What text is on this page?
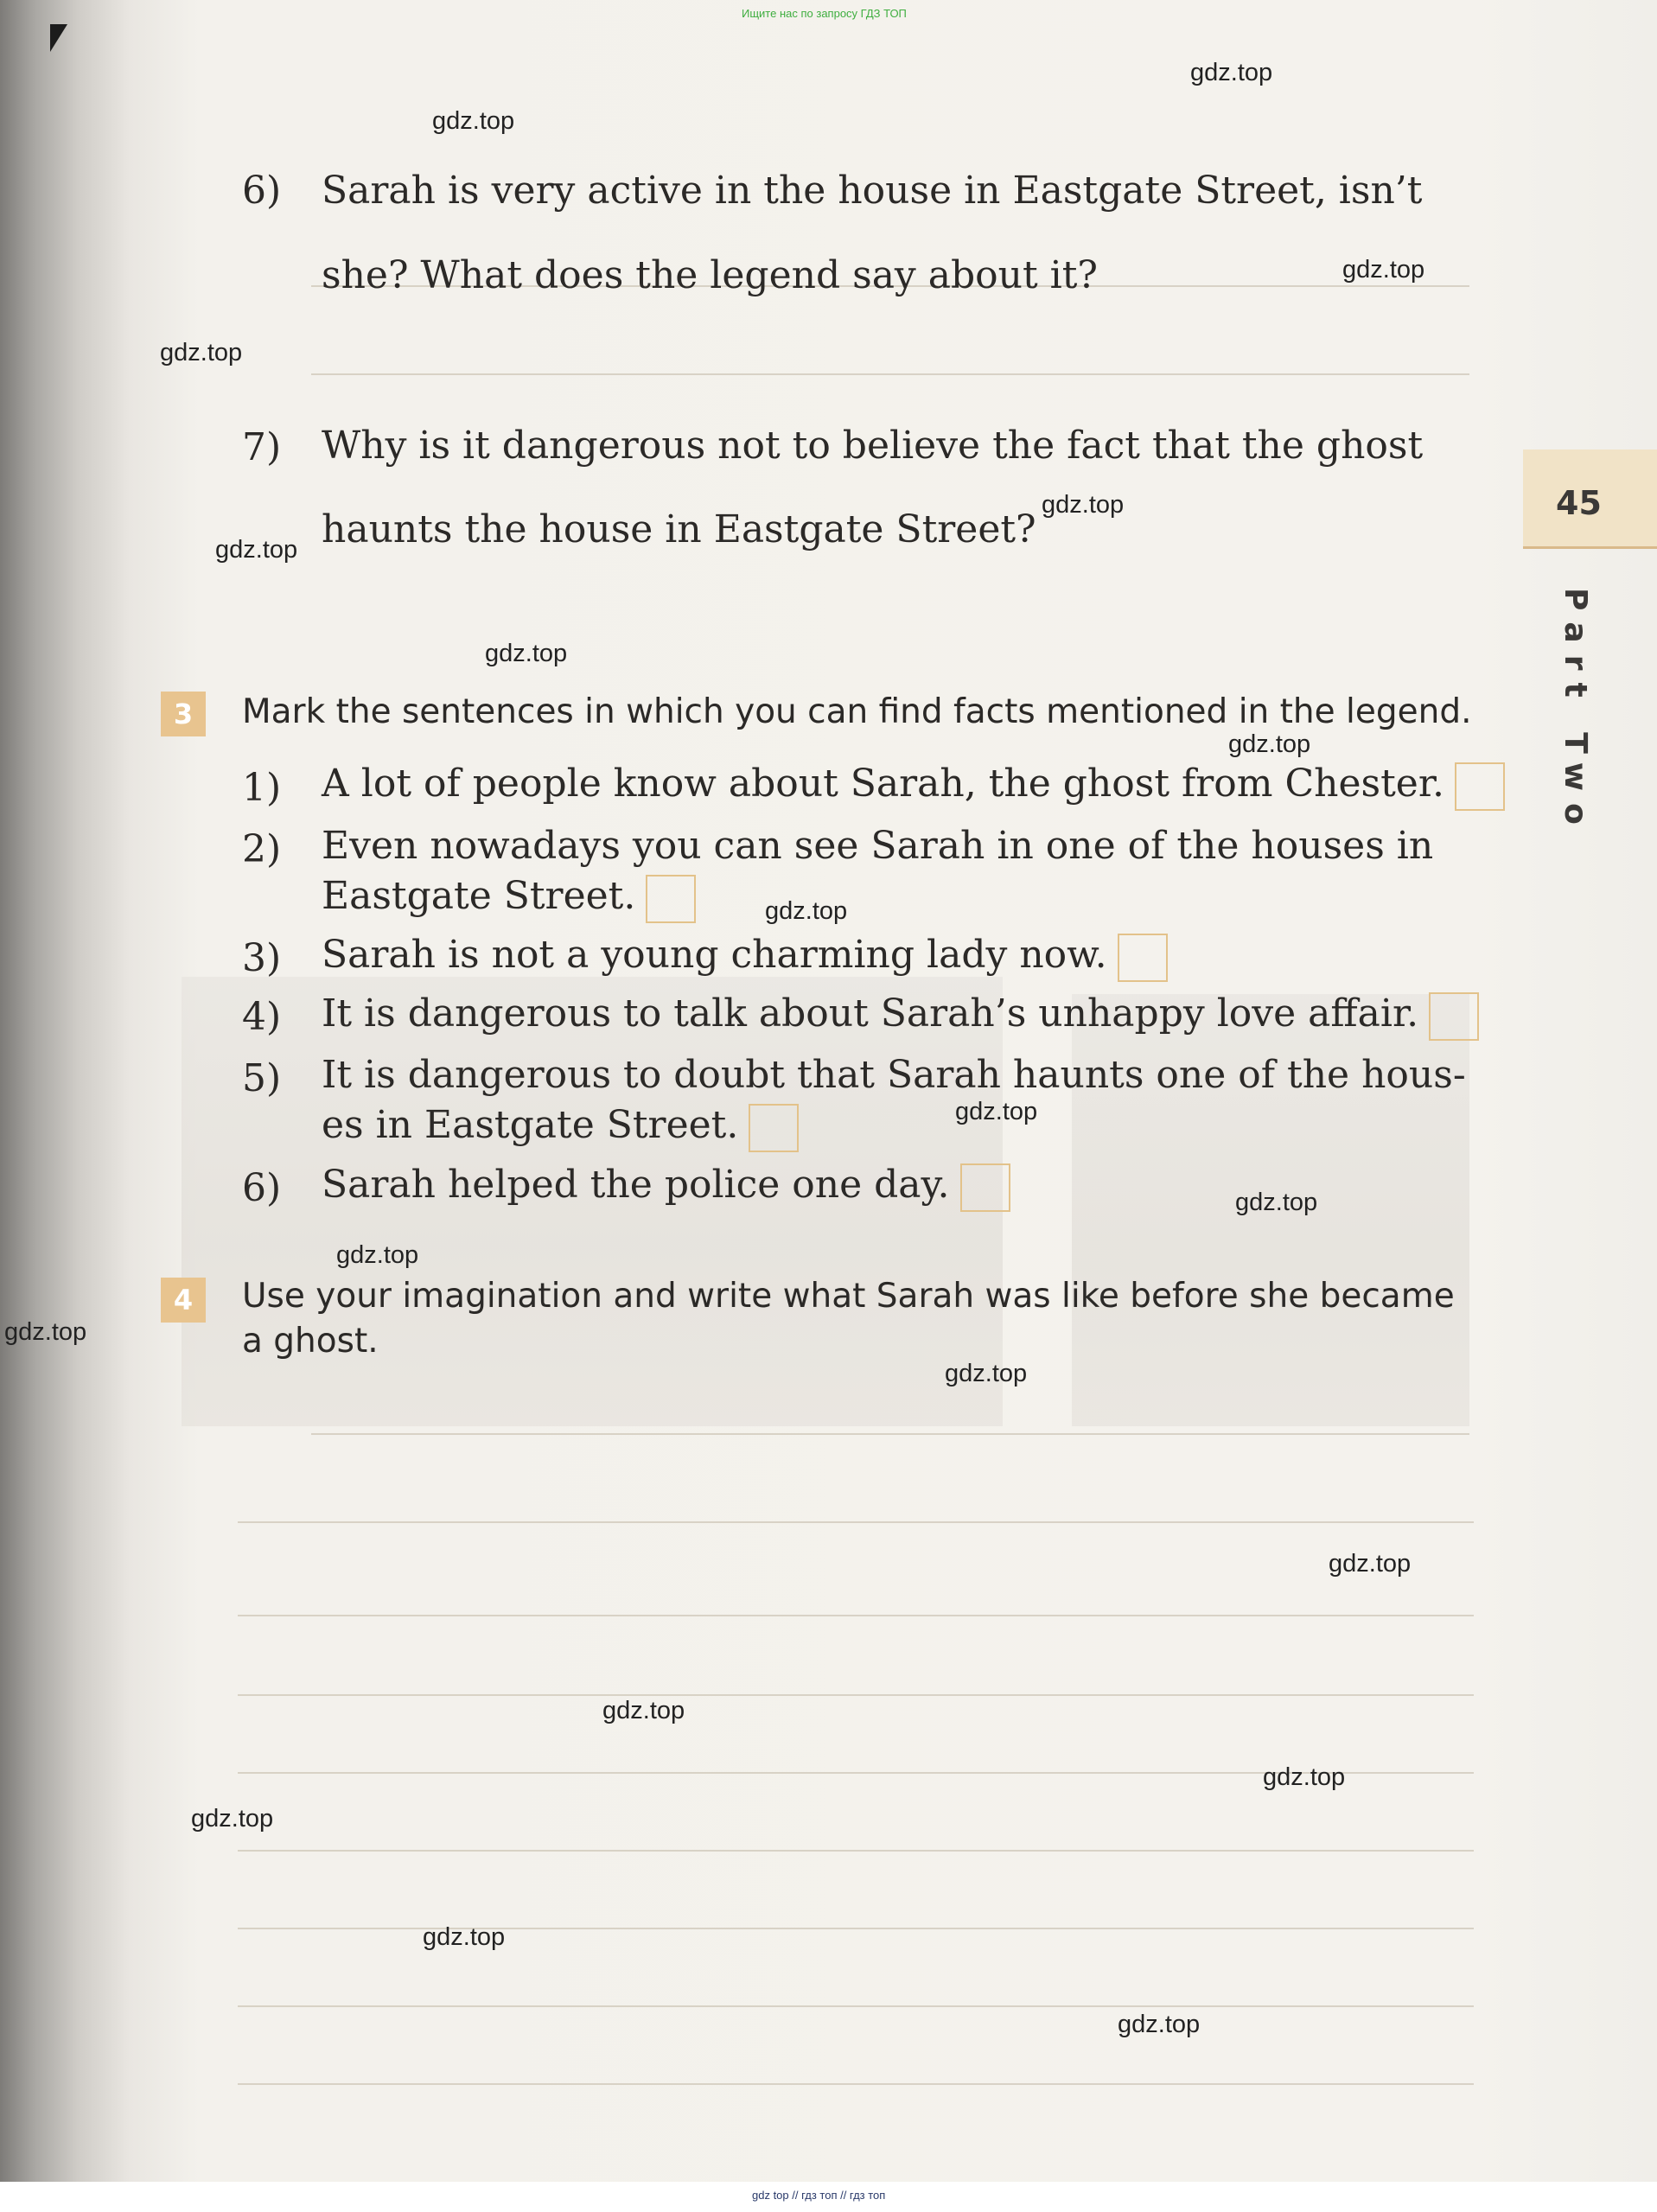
45
Part Two
Ищите нас по запросу ГДЗ ТОП
6) Sarah is very active in the house in Eastgate Street, isn’t
she? What does the legend say about it?
7) Why is it dangerous not to believe the fact that the ghost
haunts the house in Eastgate Street?
3	Mark the sentences in which you can find facts mentioned in the legend.
1) A lot of people know about Sarah, the ghost from Chester.
2) Even nowadays you can see Sarah in one of the houses in
Eastgate Street.
3) Sarah is not a young charming lady now.
4) It is dangerous to talk about Sarah’s unhappy love affair.
5) It is dangerous to doubt that Sarah haunts one of the hous-
es in Eastgate Street.
6) Sarah helped the police one day.
4	Use your imagination and write what Sarah was like before she became
a ghost.
gdz.top
gdz.top
gdz.top
gdz.top
gdz.top
gdz.top
gdz.top
gdz.top
gdz.top
gdz.top
gdz.top
gdz.top
gdz.top
gdz.top
gdz.top
gdz.top
gdz.top
gdz.top
gdz.top
gdz.top
gdz top // гдз топ // гдз топ
